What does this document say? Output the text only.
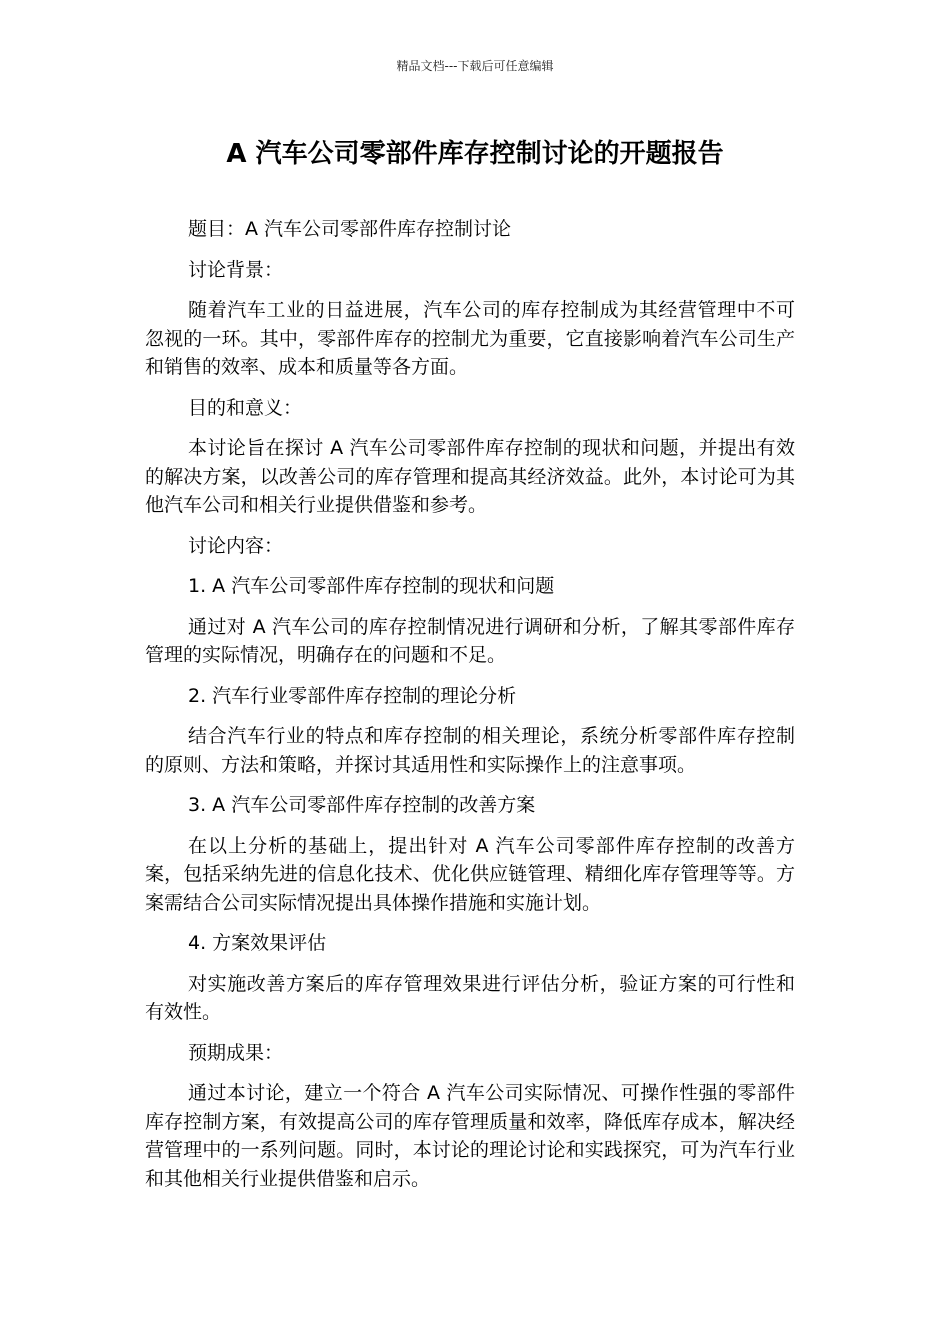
精品文档---下载后可任意编辑
A 汽车公司零部件库存控制讨论的开题报告

题目：A 汽车公司零部件库存控制讨论

讨论背景：

随着汽车工业的日益进展，汽车公司的库存控制成为其经营管理中不可忽视的一环。其中，零部件库存的控制尤为重要，它直接影响着汽车公司生产和销售的效率、成本和质量等各方面。

目的和意义：

本讨论旨在探讨 A 汽车公司零部件库存控制的现状和问题，并提出有效的解决方案，以改善公司的库存管理和提高其经济效益。此外，本讨论可为其他汽车公司和相关行业提供借鉴和参考。

讨论内容：

1. A 汽车公司零部件库存控制的现状和问题

通过对 A 汽车公司的库存控制情况进行调研和分析，了解其零部件库存管理的实际情况，明确存在的问题和不足。

2. 汽车行业零部件库存控制的理论分析

结合汽车行业的特点和库存控制的相关理论，系统分析零部件库存控制的原则、方法和策略，并探讨其适用性和实际操作上的注意事项。

3. A 汽车公司零部件库存控制的改善方案

在以上分析的基础上，提出针对 A 汽车公司零部件库存控制的改善方案，包括采纳先进的信息化技术、优化供应链管理、精细化库存管理等等。方案需结合公司实际情况提出具体操作措施和实施计划。

4. 方案效果评估

对实施改善方案后的库存管理效果进行评估分析，验证方案的可行性和有效性。

预期成果：

通过本讨论，建立一个符合 A 汽车公司实际情况、可操作性强的零部件库存控制方案，有效提高公司的库存管理质量和效率，降低库存成本，解决经营管理中的一系列问题。同时，本讨论的理论讨论和实践探究，可为汽车行业和其他相关行业提供借鉴和启示。
